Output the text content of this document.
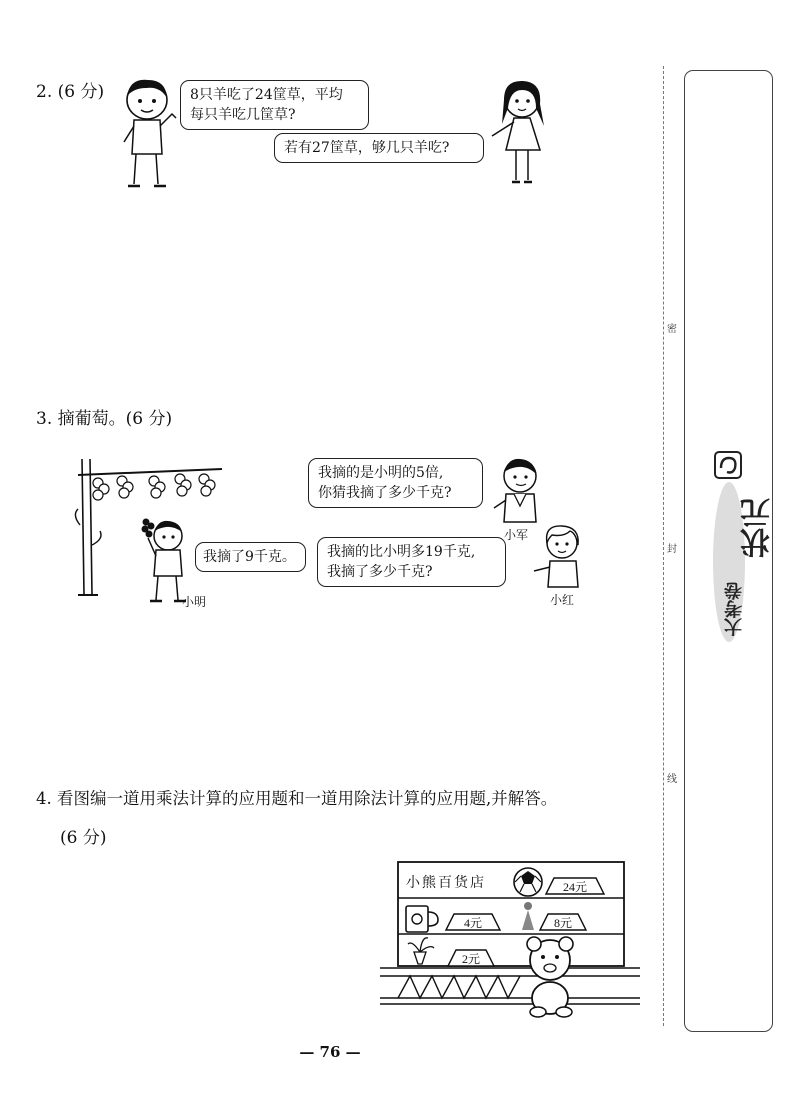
2. (6 分)	8只羊吃了24筐草，平均
每只羊吃几筐草?
若有27筐草，够几只羊吃?
3. 摘葡萄。(6 分)
小明
我摘了9千克。
我摘的是小明的5倍,
你猜我摘了多少千克?
小军
我摘的比小明多19千克,
我摘了多少千克?
小红
4. 看图编一道用乘法计算的应用题和一道用除法计算的应用题,并解答。
(6 分)
小熊百货店	24元
4元	8元
2元
— 76 —
密
封
线
状元
大考卷
